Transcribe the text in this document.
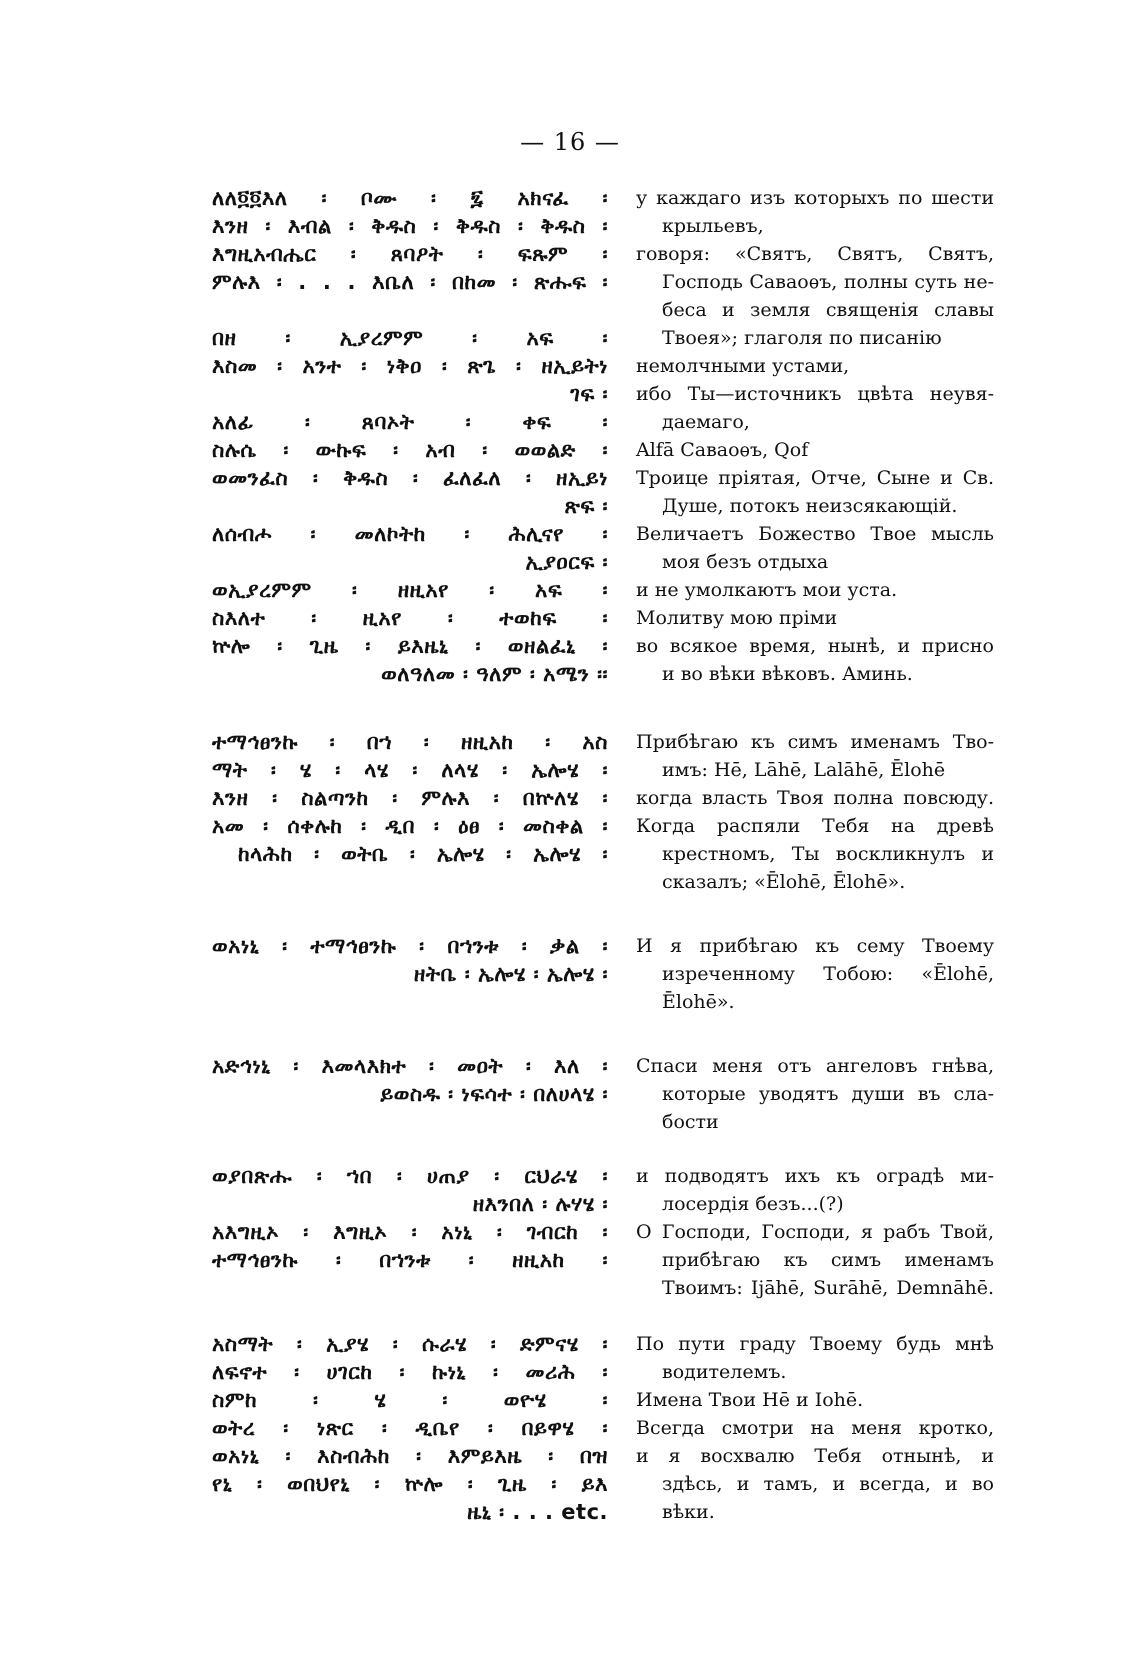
— 16 —
ለለ፬፬እለ ፡ ቦሙ ፡ ፯ አክናፈ ፡
እንዘ ፡ እብል ፡ ቅዱስ ፡ ቅዱስ ፡ ቅዱስ ፡
እግዚአብሔር ፡ ጸባዖት ፡ ፍጹም ፡
ምሉእ ፡ . . . እቤለ ፡ በከመ ፡ ጽሑፍ ፡
በዘ ፡ ኢያረምም ፡ አፍ ፡
እስመ ፡ አንተ ፡ ነቅዐ ፡ ጽጌ ፡ ዘኢይትነ
ገፍ ፡
አለፊ ፡ ጸባኦት ፡ ቀፍ ፡
ስሉሴ ፡ ውኩፍ ፡ አብ ፡ ወወልድ ፡
ወመንፈስ ፡ ቅዱስ ፡ ፈለፈለ ፡ ዘኢይነ
ጽፍ ፡
ለሰብሖ ፡ መለኮትከ ፡ ሕሊናየ ፡
ኢያዐርፍ ፡
ወኢያረምም ፡ ዘዚአየ ፡ አፍ ፡
ስእለተ ፡ ዚአየ ፡ ተወከፍ ፡
ኵሎ ፡ ጊዜ ፡ ይእዜኒ ፡ ወዘልፈኒ ፡
ወለዓለመ ፡ ዓለም ፡ አሜን ፡፡
ተማኅፀንኩ ፡ በኀ ፡ ዘዚአከ ፡ አስ
ማት ፡ ሄ ፡ ላሄ ፡ ለላሄ ፡ ኤሎሄ ፡
እንዘ ፡ ስልጣንከ ፡ ምሉእ ፡ በኵለሄ ፡
አመ ፡ ሰቀሉከ ፡ ዲበ ፡ ዕፀ ፡ መስቀል ፡
ከላሕከ ፡ ወትቤ ፡ ኤሎሄ ፡ ኤሎሄ ፡
ወአነኒ ፡ ተማኅፀንኩ ፡ በኀንቱ ፡ ቃል ፡
ዘትቤ ፡ ኤሎሄ ፡ ኤሎሄ ፡
አድኅነኒ ፡ እመላእክተ ፡ መዐት ፡ እለ ፡
ይወስዱ ፡ ነፍሳተ ፡ በለሀላሄ ፡
ወያበጽሑ ፡ ኀበ ፡ ሀጠያ ፡ ርህራሄ ፡
ዘእንበለ ፡ ሉሃሄ ፡
አእግዚኦ ፡ እግዚኦ ፡ አነኒ ፡ ገብርከ ፡
ተማኅፀንኩ ፡ በኀንቱ ፡ ዘዚአከ ፡
አስማት ፡ ኢያሄ ፡ ሱራሄ ፡ ድምናሄ ፡
ለፍኖተ ፡ ሀገርከ ፡ ኩነኒ ፡ መሪሕ ፡
ስምከ ፡ ሄ ፡ ወዮሄ ፡
ወትረ ፡ ነጽር ፡ ዲቤየ ፡ በይዋሄ ፡
ወአነኒ ፡ እስብሕከ ፡ እምይእዜ ፡ በዝ
የኒ ፡ ወበህየኒ ፡ ኵሎ ፡ ጊዜ ፡ ይእ
ዜኒ ፡ . . . etc.
у каждаго изъ которыхъ по шести
крыльевъ,
говоря: «Святъ, Святъ, Святъ,
Господь Саваоѳъ, полны суть не-
беса и земля священія славы
Твоея»; глаголя по писанію
немолчными устами,
ибо Ты—источникъ цвѣта неувя-
даемаго,
Alfā Саваоѳъ, Qof
Троице пріятая, Отче, Сыне и Св.
Душе, потокъ неизсякающій.
Величаетъ Божество Твое мысль
моя безъ отдыха
и не умолкаютъ мои уста.
Молитву мою пріми
во всякое время, нынѣ, и присно
и во вѣки вѣковъ. Аминь.
Прибѣгаю къ симъ именамъ Тво-
имъ: Hē, Lāhē, Lalāhē, Ēlohē
когда власть Твоя полна повсюду.
Когда распяли Тебя на древѣ
крестномъ, Ты воскликнулъ и
сказалъ; «Ēlohē, Ēlohē».
И я прибѣгаю къ сему Твоему
изреченному Тобою: «Ēlohē,
Ēlohē».
Спаси меня отъ ангеловъ гнѣва,
которые уводятъ души въ сла-
бости
и подводятъ ихъ къ оградѣ ми-
лосердія безъ...(?)
О Господи, Господи, я рабъ Твой,
прибѣгаю къ симъ именамъ
Твоимъ: Ijāhē, Surāhē, Demnāhē.
По пути граду Твоему будь мнѣ
водителемъ.
Имена Твои Hē и Iohē.
Всегда смотри на меня кротко,
и я восхвалю Тебя отнынѣ, и
здѣсь, и тамъ, и всегда, и во
вѣки.
